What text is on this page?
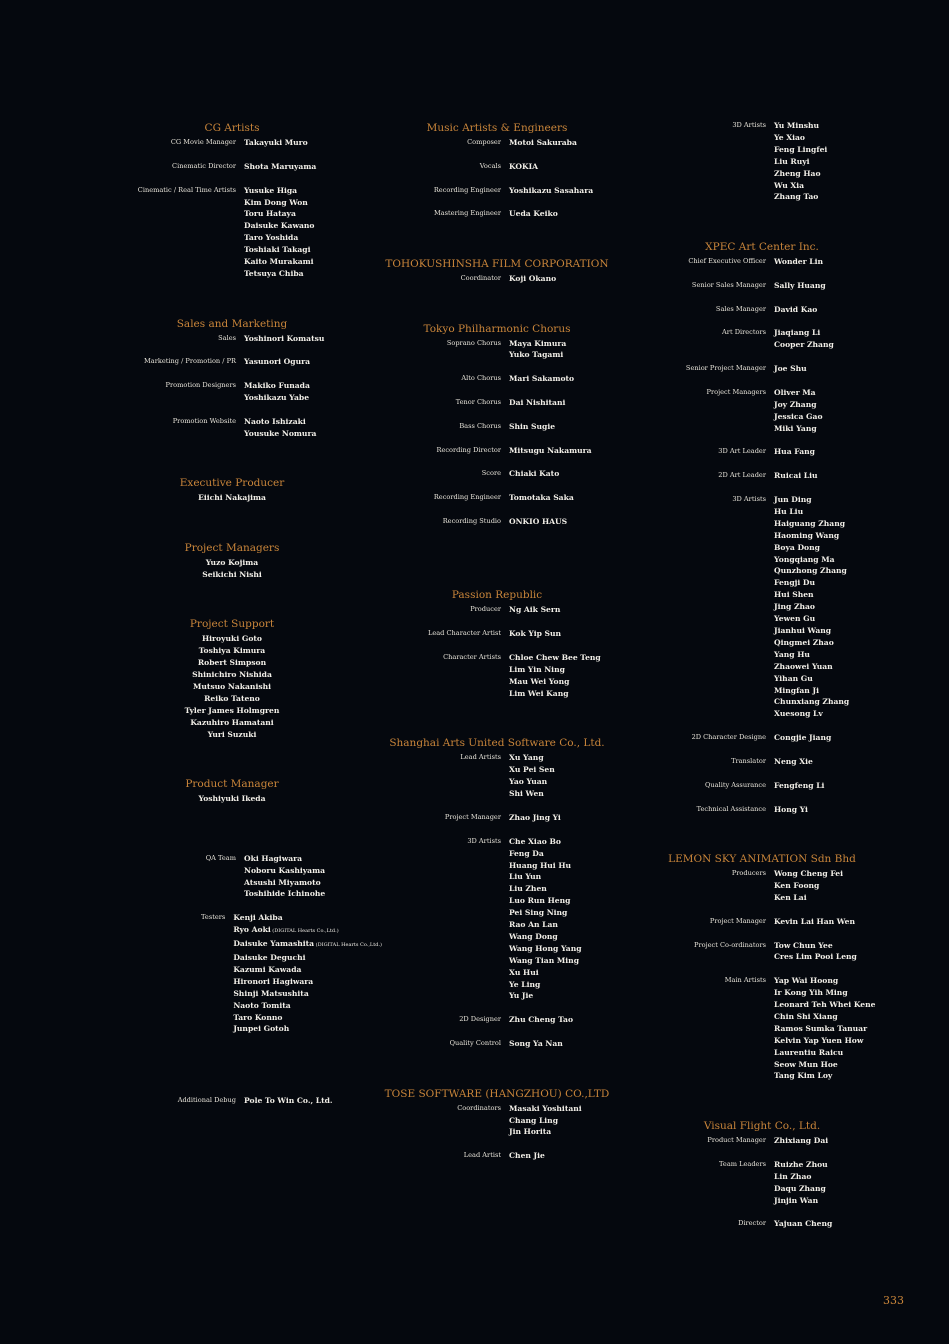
CG Artists
CG Movie Manager	Takayuki Muro
Cinematic Director	Shota Maruyama
Cinematic / Real Time Artists	Yusuke Higa
Kim Dong Won
Toru Hataya
Daisuke Kawano
Taro Yoshida
Toshiaki Takagi
Kaito Murakami
Tetsuya Chiba
Sales and Marketing
Sales	Yoshinori Komatsu
Marketing / Promotion / PR	Yasunori Ogura
Promotion Designers	Makiko Funada
Yoshikazu Yabe
Promotion Website	Naoto Ishizaki
Yousuke Nomura
Executive Producer
Eiichi Nakajima
Project Managers
Yuzo Kojima
Seikichi Nishi
Project Support
Hiroyuki Goto
Toshiya Kimura
Robert Simpson
Shinichiro Nishida
Mutsuo Nakanishi
Reiko Tateno
Tyler James Holmgren
Kazuhiro Hamatani
Yuri Suzuki
Product Manager
Yoshiyuki Ikeda
QA Team	Oki Hagiwara
Noboru Kashiyama
Atsushi Miyamoto
Toshihide Ichinohe
Testers	Kenji Akiba
Ryo Aoki (DIGITAL Hearts Co.,Ltd.)
Daisuke Yamashita (DIGITAL Hearts Co.,Ltd.)
Daisuke Deguchi
Kazumi Kawada
Hironori Hagiwara
Shinji Matsushita
Naoto Tomita
Taro Konno
Junpei Gotoh
Additional Debug	Pole To Win Co., Ltd.
Music Artists & Engineers
Composer	Motoi Sakuraba
Vocals	KOKIA
Recording Engineer	Yoshikazu Sasahara
Mastering Engineer	Ueda Keiko
TOHOKUSHINSHA FILM CORPORATION
Coordinator	Koji Okano
Tokyo Philharmonic Chorus
Soprano Chorus	Maya Kimura
Yuko Tagami
Alto Chorus	Mari Sakamoto
Tenor Chorus	Dai Nishitani
Bass Chorus	Shin Sugie
Recording Director	Mitsugu Nakamura
Score	Chiaki Kato
Recording Engineer	Tomotaka Saka
Recording Studio	ONKIO HAUS
Passion Republic
Producer	Ng Aik Sern
Lead Character Artist	Kok Yip Sun
Character Artists	Chloe Chew Bee Teng
Lim Yin Ning
Mau Wei Yong
Lim Wei Kang
Shanghai Arts United Software Co., Ltd.
Lead Artists	Xu Yang
Xu Pei Sen
Yao Yuan
Shi Wen
Project Manager	Zhao Jing Yi
3D Artists	Che Xiao Bo
Feng Da
Huang Hui Hu
Liu Yun
Liu Zhen
Luo Run Heng
Pei Sing Ning
Rao An Lan
Wang Dong
Wang Hong Yang
Wang Tian Ming
Xu Hui
Ye Ling
Yu Jie
2D Designer	Zhu Cheng Tao
Quality Control	Song Ya Nan
TOSE SOFTWARE (HANGZHOU) CO.,LTD
Coordinators	Masaki Yoshitani
Chang Ling
Jin Horita
Lead Artist	Chen Jie
3D Artists	Yu Minshu
Ye Xiao
Feng Lingfei
Liu Ruyi
Zheng Hao
Wu Xia
Zhang Tao
XPEC Art Center Inc.
Chief Executive Officer	Wonder Lin
Senior Sales Manager	Sally Huang
Sales Manager	David Kao
Art Directors	Jiaqiang Li
Cooper Zhang
Senior Project Manager	Joe Shu
Project Managers	Oliver Ma
Joy Zhang
Jessica Gao
Miki Yang
3D Art Leader	Hua Fang
2D Art Leader	Ruicai Liu
3D Artists	Jun Ding
Hu Liu
Haiguang Zhang
Haoming Wang
Boya Dong
Yongqiang Ma
Qunzhong Zhang
Fengji Du
Hui Shen
Jing Zhao
Yewen Gu
Jianhui Wang
Qingmei Zhao
Yang Hu
Zhaowei Yuan
Yihan Gu
Mingfan Ji
Chunxiang Zhang
Xuesong Lv
2D Character Designe	Congjie Jiang
Translator	Neng Xie
Quality Assurance	Fengfeng Li
Technical Assistance	Hong Yi
LEMON SKY ANIMATION Sdn Bhd
Producers	Wong Cheng Fei
Ken Foong
Ken Lai
Project Manager	Kevin Lai Han Wen
Project Co-ordinators	Tow Chun Yee
Cres Lim Pooi Leng
Main Artists	Yap Wai Hoong
Ir Kong Yih Ming
Leonard Teh Whei Kene
Chin Shi Xiang
Ramos Sumka Tanuar
Kelvin Yap Yuen How
Laurentiu Raicu
Seow Mun Hoe
Tang Kim Loy
Visual Flight Co., Ltd.
Product Manager	Zhixiang Dai
Team Leaders	Ruizhe Zhou
Lin Zhao
Daqu Zhang
Jinjin Wan
Director	Yajuan Cheng
333
